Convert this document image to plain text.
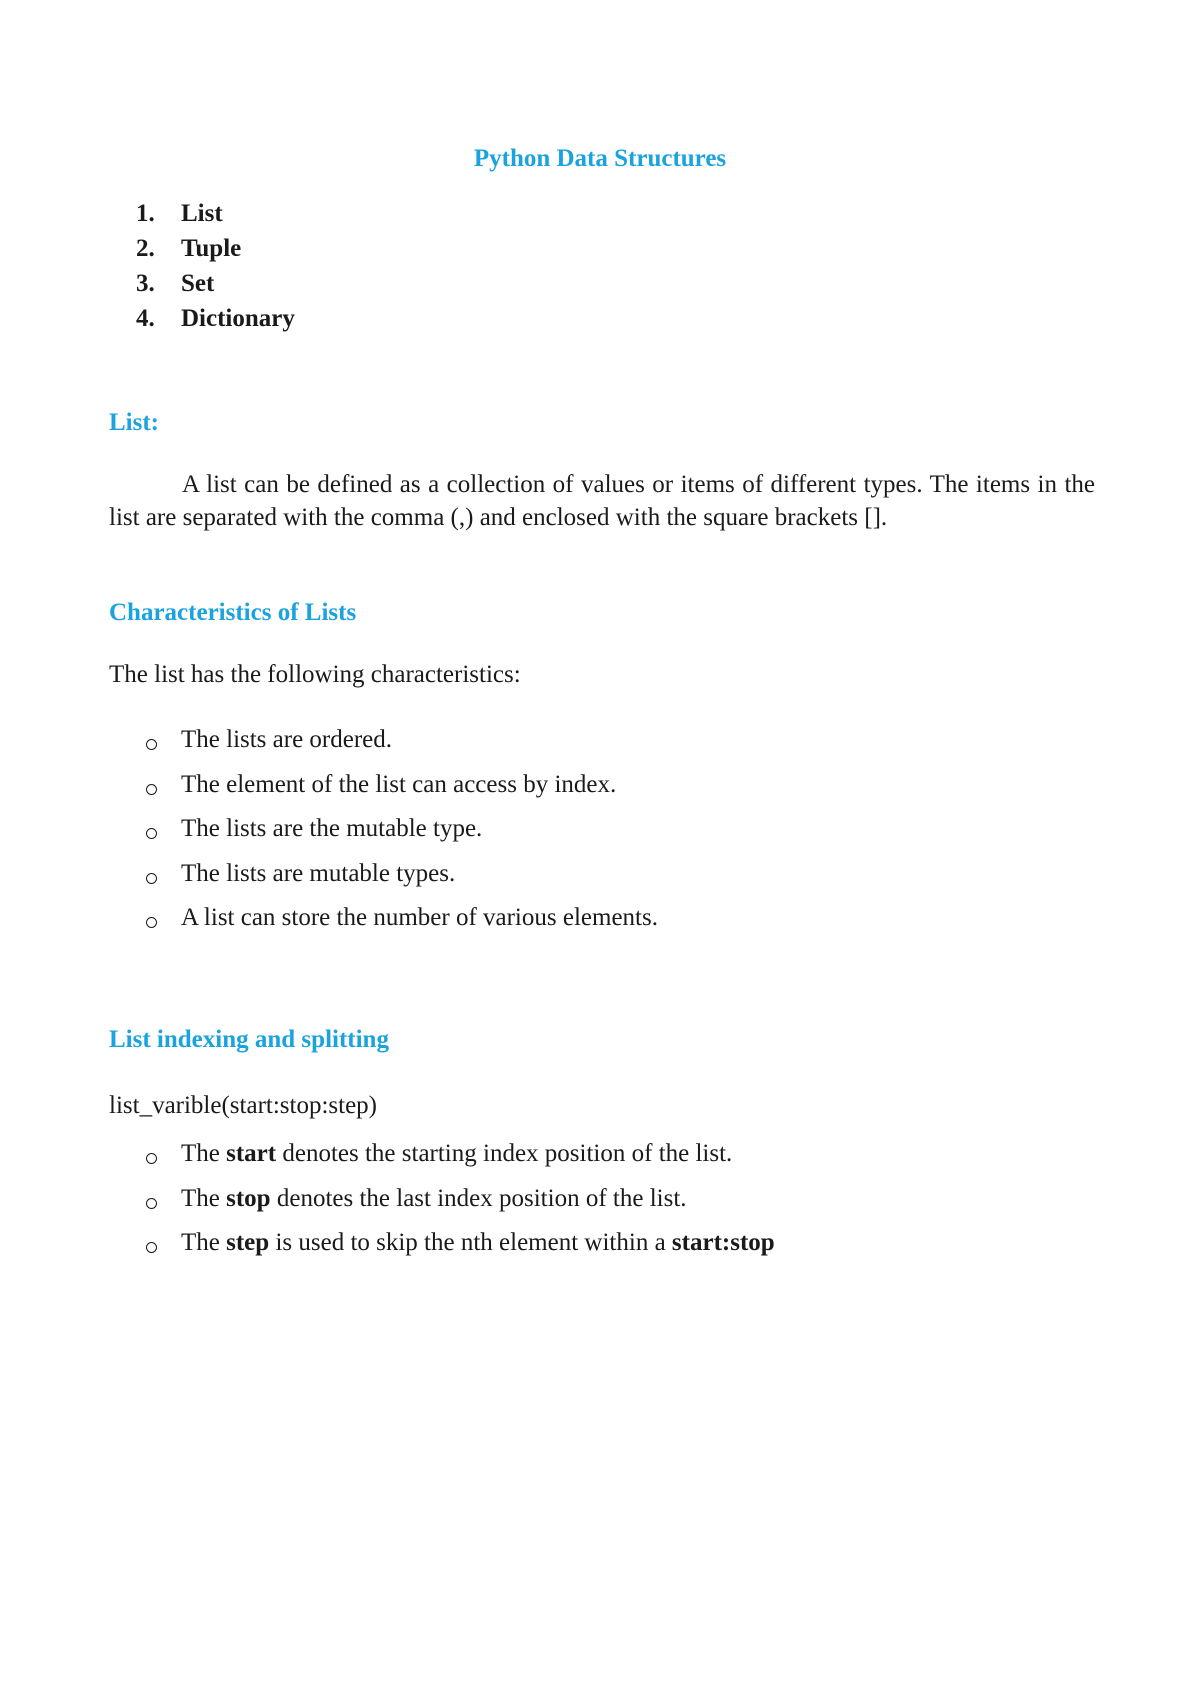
Python Data Structures
1.	List
2.	Tuple
3.	Set
4.	Dictionary
List:

A list can be defined as a collection of values or items of different types. The items in the list are separated with the comma (,) and enclosed with the square brackets [].

Characteristics of Lists

The list has the following characteristics:

The lists are ordered.
The element of the list can access by index.
The lists are the mutable type.
The lists are mutable types.
A list can store the number of various elements.
List indexing and splitting

list_varible(start:stop:step)

The start denotes the starting index position of the list.
The stop denotes the last index position of the list.
The step is used to skip the nth element within a start:stop
